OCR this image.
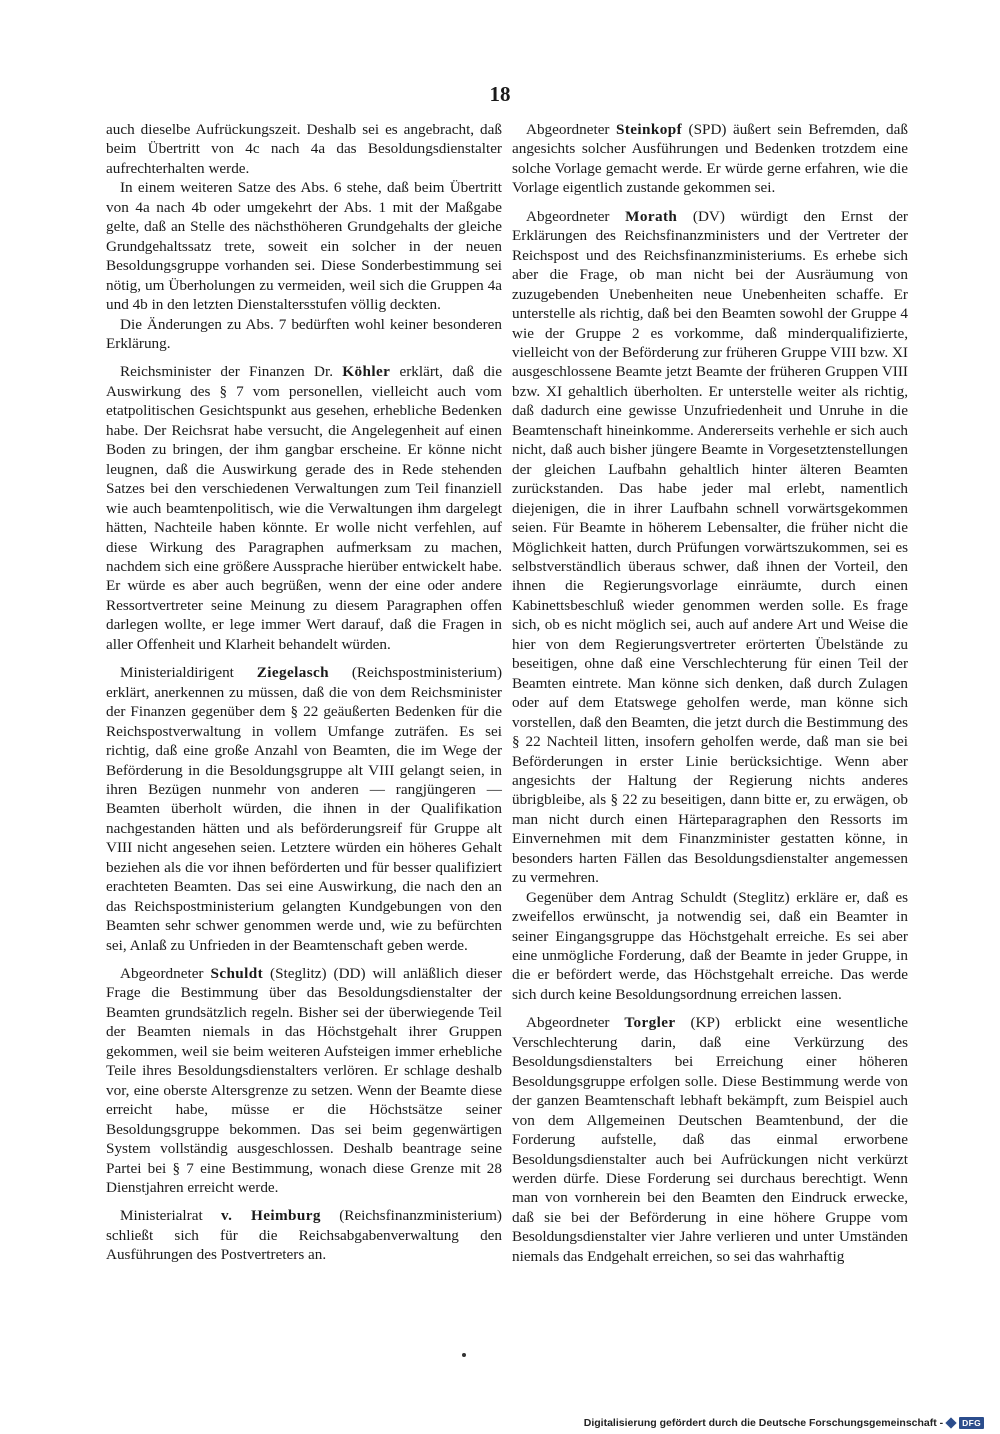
18

auch dieselbe Aufrückungszeit. Deshalb sei es angebracht, daß beim Übertritt von 4c nach 4a das Besoldungsdienstalter aufrechterhalten werde.

In einem weiteren Satze des Abs. 6 stehe, daß beim Übertritt von 4a nach 4b oder umgekehrt der Abs. 1 mit der Maßgabe gelte, daß an Stelle des nächsthöheren Grundgehalts der gleiche Grundgehaltssatz trete, soweit ein solcher in der neuen Besoldungsgruppe vorhanden sei. Diese Sonderbestimmung sei nötig, um Überholungen zu vermeiden, weil sich die Gruppen 4a und 4b in den letzten Dienstaltersstufen völlig deckten.

Die Änderungen zu Abs. 7 bedürften wohl keiner besonderen Erklärung.

Reichsminister der Finanzen Dr. Köhler erklärt, daß die Auswirkung des § 7 vom personellen, vielleicht auch vom etatpolitischen Gesichtspunkt aus gesehen, erhebliche Bedenken habe. Der Reichsrat habe versucht, die Angelegenheit auf einen Boden zu bringen, der ihm gangbar erscheine. Er könne nicht leugnen, daß die Auswirkung gerade des in Rede stehenden Satzes bei den verschiedenen Verwaltungen zum Teil finanziell wie auch beamtenpolitisch, wie die Verwaltungen ihm dargelegt hätten, Nachteile haben könnte. Er wolle nicht verfehlen, auf diese Wirkung des Paragraphen aufmerksam zu machen, nachdem sich eine größere Aussprache hierüber entwickelt habe. Er würde es aber auch begrüßen, wenn der eine oder andere Ressortvertreter seine Meinung zu diesem Paragraphen offen darlegen wollte, er lege immer Wert darauf, daß die Fragen in aller Offenheit und Klarheit behandelt würden.

Ministerialdirigent Ziegelasch (Reichspostministerium) erklärt, anerkennen zu müssen, daß die von dem Reichsminister der Finanzen gegenüber dem § 22 geäußerten Bedenken für die Reichspostverwaltung in vollem Umfange zuträfen. Es sei richtig, daß eine große Anzahl von Beamten, die im Wege der Beförderung in die Besoldungsgruppe alt VIII gelangt seien, in ihren Bezügen nunmehr von anderen — rangjüngeren — Beamten überholt würden, die ihnen in der Qualifikation nachgestanden hätten und als beförderungsreif für Gruppe alt VIII nicht angesehen seien. Letztere würden ein höheres Gehalt beziehen als die vor ihnen beförderten und für besser qualifiziert erachteten Beamten. Das sei eine Auswirkung, die nach den an das Reichspostministerium gelangten Kundgebungen von den Beamten sehr schwer genommen werde und, wie zu befürchten sei, Anlaß zu Unfrieden in der Beamtenschaft geben werde.

Abgeordneter Schuldt (Steglitz) (DD) will anläßlich dieser Frage die Bestimmung über das Besoldungsdienstalter der Beamten grundsätzlich regeln. Bisher sei der überwiegende Teil der Beamten niemals in das Höchstgehalt ihrer Gruppen gekommen, weil sie beim weiteren Aufsteigen immer erhebliche Teile ihres Besoldungsdienstalters verlören. Er schlage deshalb vor, eine oberste Altersgrenze zu setzen. Wenn der Beamte diese erreicht habe, müsse er die Höchstsätze seiner Besoldungsgruppe bekommen. Das sei beim gegenwärtigen System vollständig ausgeschlossen. Deshalb beantrage seine Partei bei § 7 eine Bestimmung, wonach diese Grenze mit 28 Dienstjahren erreicht werde.

Ministerialrat v. Heimburg (Reichsfinanzministerium) schließt sich für die Reichsabgabenverwaltung den Ausführungen des Postvertreters an.

Abgeordneter Steinkopf (SPD) äußert sein Befremden, daß angesichts solcher Ausführungen und Bedenken trotzdem eine solche Vorlage gemacht werde. Er würde gerne erfahren, wie die Vorlage eigentlich zustande gekommen sei.

Abgeordneter Morath (DV) würdigt den Ernst der Erklärungen des Reichsfinanzministers und der Vertreter der Reichspost und des Reichsfinanzministeriums. Es erhebe sich aber die Frage, ob man nicht bei der Ausräumung von zuzugebenden Unebenheiten neue Unebenheiten schaffe. Er unterstelle als richtig, daß bei den Beamten sowohl der Gruppe 4 wie der Gruppe 2 es vorkomme, daß minderqualifizierte, vielleicht von der Beförderung zur früheren Gruppe VIII bzw. XI ausgeschlossene Beamte jetzt Beamte der früheren Gruppen VIII bzw. XI gehaltlich überholten. Er unterstelle weiter als richtig, daß dadurch eine gewisse Unzufriedenheit und Unruhe in die Beamtenschaft hineinkomme. Andererseits verhehle er sich auch nicht, daß auch bisher jüngere Beamte in Vorgesetztenstellungen der gleichen Laufbahn gehaltlich hinter älteren Beamten zurückstanden. Das habe jeder mal erlebt, namentlich diejenigen, die in ihrer Laufbahn schnell vorwärtsgekommen seien. Für Beamte in höherem Lebensalter, die früher nicht die Möglichkeit hatten, durch Prüfungen vorwärtszukommen, sei es selbstverständlich überaus schwer, daß ihnen der Vorteil, den ihnen die Regierungsvorlage einräumte, durch einen Kabinettsbeschluß wieder genommen werden solle. Es frage sich, ob es nicht möglich sei, auch auf andere Art und Weise die hier von dem Regierungsvertreter erörterten Übelstände zu beseitigen, ohne daß eine Verschlechterung für einen Teil der Beamten eintrete. Man könne sich denken, daß durch Zulagen oder auf dem Etatswege geholfen werde, man könne sich vorstellen, daß den Beamten, die jetzt durch die Bestimmung des § 22 Nachteil litten, insofern geholfen werde, daß man sie bei Beförderungen in erster Linie berücksichtige. Wenn aber angesichts der Haltung der Regierung nichts anderes übrigbleibe, als § 22 zu beseitigen, dann bitte er, zu erwägen, ob man nicht durch einen Härteparagraphen den Ressorts im Einvernehmen mit dem Finanzminister gestatten könne, in besonders harten Fällen das Besoldungsdienstalter angemessen zu vermehren.

Gegenüber dem Antrag Schuldt (Steglitz) erkläre er, daß es zweifellos erwünscht, ja notwendig sei, daß ein Beamter in seiner Eingangsgruppe das Höchstgehalt erreiche. Es sei aber eine unmögliche Forderung, daß der Beamte in jeder Gruppe, in die er befördert werde, das Höchstgehalt erreiche. Das werde sich durch keine Besoldungsordnung erreichen lassen.

Abgeordneter Torgler (KP) erblickt eine wesentliche Verschlechterung darin, daß eine Verkürzung des Besoldungsdienstalters bei Erreichung einer höheren Besoldungsgruppe erfolgen solle. Diese Bestimmung werde von der ganzen Beamtenschaft lebhaft bekämpft, zum Beispiel auch von dem Allgemeinen Deutschen Beamtenbund, der die Forderung aufstelle, daß das einmal erworbene Besoldungsdienstalter auch bei Aufrückungen nicht verkürzt werden dürfe. Diese Forderung sei durchaus berechtigt. Wenn man von vornherein bei den Beamten den Eindruck erwecke, daß sie bei der Beförderung in eine höhere Gruppe vom Besoldungsdienstalter vier Jahre verlieren und unter Umständen niemals das Endgehalt erreichen, so sei das wahrhaftig

Digitalisierung gefördert durch die Deutsche Forschungsgemeinschaft -	DFG
